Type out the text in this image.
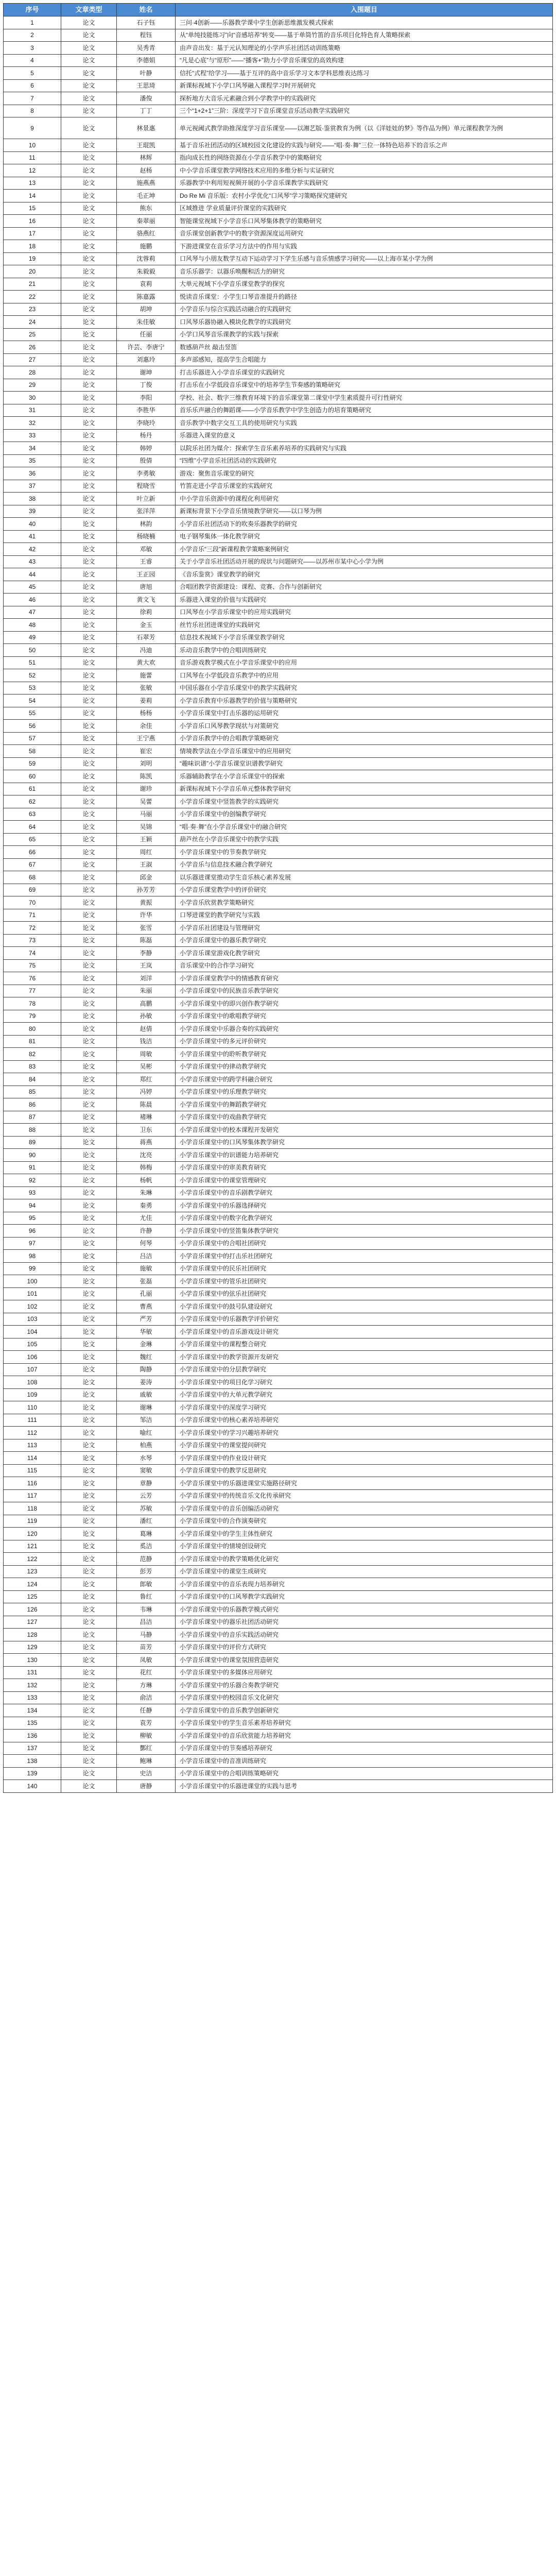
序号	文章类型	姓名	入围题目
1	论文	石子钰	三问·4创新——乐器教学课中学生创新思维激发模式探索
2	论文	程钰	从“单纯技能练习”向“音感培养”转变——基于单筒竹笛的音乐项目化特色育人策略探索
3	论文	吴秀青	由声音出发：基于元认知理论的小学声乐社团活动训练策略
4	论文	李德娟	“凡是心底”与“原形”——“播客+”助力小学音乐课堂的高效构建
5	论文	叶静	信托“式程”给学习——基于互评的高中音乐学习文本学科思维表达练习
6	论文	王思琦	新课标视域下小学口风琴融入课程学习时开展研究
7	论文	潘俊	探析地方大音乐元素融合到小学教学中的实践研究
8	论文	丁丁	三个“1+2+1”三阶：深度学习下音乐课堂音乐活动教学实践研究
9	论文	林景惠	单元视阈式教学助推深度学习音乐课堂——以湘艺版·鉴赏教育为例（以《洋娃娃的梦》等作品为例）单元课程教学为例
10	论文	王琨凯	基于音乐社团活动的区域校园文化建设的实践与研究——“唱·奏·舞”三位一体特色培养下的音乐之声
11	论文	林辉	指向成长性的网络资源在小学音乐教学中的策略研究
12	论文	赵杨	中小学音乐课堂教学网络技术应用的多维分析与实证研究
13	论文	施燕燕	乐器教学中利用短视频开展的小学音乐课教学实践研究
14	论文	毛正坤	Do Re Mi 音乐版：农村小学优化“口风琴”学习策略探究建研究
15	论文	熊东	区域推进 学业质量评价课堂的实践研究
16	论文	秦翠丽	智能课堂视域下小学音乐口风琴集体教学的策略研究
17	论文	骆燕红	音乐课堂创新教学中的数字资源深度运用研究
18	论文	施鹏	下游进课堂在音乐学习方法中的作用与实践
19	论文	沈蓉莉	口风琴与小朋友数学互动下运动学习下学生乐感与音乐情感学习研究——以上海市某小学为例
20	论文	朱毅毅	音乐乐器学：以器乐唤醒和活力的研究
21	论文	袁莉	大单元视域下小学音乐课堂教学的探究
22	论文	陈嘉露	悦读音乐课堂：小学生口琴音准提升的路径
23	论文	胡坤	小学音乐与综合实践活动融合的实践研究
24	论文	朱佳敏	口风琴乐器协融入模块化教学的实践研究
25	论文	任丽	小学口风琴音乐课教学的实践与探索
26	论文	许芸、李唐宁	数感葫芦丝 敲击竖笛
27	论文	刘惠玲	多声部感知，提高学生合唱能力
28	论文	谢坤	打击乐器进入小学音乐课堂的实践研究
29	论文	丁俊	打击乐在小学低段音乐课堂中的培养学生节奏感的策略研究
30	论文	李阳	学校、社会、数字三维教育环境下的音乐课堂第二课堂中学生素质提升可行性研究
31	论文	李胜华	首乐乐声融合的舞蹈课——小学音乐教学中学生创造力的培育策略研究
32	论文	李晓玲	音乐教学中数字交互工具的使用研究与实践
33	论文	杨丹	乐器进入课堂的意义
34	论文	韩婷	以院乐社团为媒介：探索学生音乐素养培养的实践研究与实践
35	论文	殷倩	“四维”小学音乐社团活动的实践研究
36	论文	李勇敏	游戏：聚焦音乐课堂的研究
37	论文	程晓雪	竹笛走进小学音乐课堂的实践研究
38	论文	叶立新	中小学音乐资源中的课程化利用研究
39	论文	张洋萍	新课标背景下小学音乐情境教学研究——以口琴为例
40	论文	林韵	小学音乐社团活动下的吹奏乐器教学的研究
41	论文	杨晓楠	电子钢琴集体一体化教学研究
42	论文	邓敏	小学音乐“三段”新课程教学策略案例研究
43	论文	王睿	关于小学音乐社团活动开展的现状与问题研究——以苏州市某中心小学为例
44	论文	王正园	《音乐鉴赏》课堂教学的研究
45	论文	唐旭	合唱团教学资源建设：课程、竞赛、合作与创新研究
46	论文	黄文飞	乐器进入课堂的价值与实践研究
47	论文	徐莉	口风琴在小学音乐课堂中的应用实践研究
48	论文	金玉	丝竹乐社团进课堂的实践研究
49	论文	石翠芳	信息技术视域下小学音乐课堂教学研究
50	论文	冯迪	乐动音乐教学中的合唱训练研究
51	论文	黄大欢	音乐游戏教学模式在小学音乐课堂中的应用
52	论文	施蕾	口风琴在小学低段音乐教学中的应用
53	论文	张敏	中国乐器在小学音乐课堂中的教学实践研究
54	论文	姜莉	小学音乐教育中乐器教学的价值与策略研究
55	论文	杨杨	小学音乐课堂中打击乐器的运用研究
56	论文	余佳	小学音乐口风琴教学现状与对策研究
57	论文	王宁燕	小学音乐教学中的合唱教学策略研究
58	论文	崔宏	情境教学法在小学音乐课堂中的应用研究
59	论文	刘明	“趣味识谱”小学音乐课堂识谱教学研究
60	论文	陈凯	乐器辅助教学在小学音乐课堂中的探索
61	论文	谢珍	新课标视域下小学音乐单元整体教学研究
62	论文	吴蕾	小学音乐课堂中竖笛教学的实践研究
63	论文	马丽	小学音乐课堂中的创编教学研究
64	论文	吴锦	“唱·奏·舞”在小学音乐课堂中的融合研究
65	论文	王颖	葫芦丝在小学音乐课堂中的教学实践
66	论文	周红	小学音乐课堂中的节奏教学研究
67	论文	王淑	小学音乐与信息技术融合教学研究
68	论文	邱金	以乐器进课堂推动学生音乐核心素养发展
69	论文	孙芳芳	小学音乐课堂教学中的评价研究
70	论文	黄振	小学音乐欣赏教学策略研究
71	论文	许华	口琴进课堂的教学研究与实践
72	论文	张雪	小学音乐社团建设与管理研究
73	论文	陈磊	小学音乐课堂中的器乐教学研究
74	论文	李静	小学音乐课堂游戏化教学研究
75	论文	王岚	音乐课堂中的合作学习研究
76	论文	刘洋	小学音乐课堂教学中的情感教育研究
77	论文	朱丽	小学音乐课堂中的民族音乐教学研究
78	论文	高鹏	小学音乐课堂中的即兴创作教学研究
79	论文	孙敏	小学音乐课堂中的歌唱教学研究
80	论文	赵倩	小学音乐课堂中乐器合奏的实践研究
81	论文	钱洁	小学音乐课堂中的多元评价研究
82	论文	周敏	小学音乐课堂中的聆听教学研究
83	论文	吴彬	小学音乐课堂中的律动教学研究
84	论文	郑红	小学音乐课堂中的跨学科融合研究
85	论文	冯婷	小学音乐课堂中的乐理教学研究
86	论文	陈晨	小学音乐课堂中的舞蹈教学研究
87	论文	褚琳	小学音乐课堂中的戏曲教学研究
88	论文	卫东	小学音乐课堂中的校本课程开发研究
89	论文	蒋燕	小学音乐课堂中的口风琴集体教学研究
90	论文	沈亮	小学音乐课堂中的识谱能力培养研究
91	论文	韩梅	小学音乐课堂中的审美教育研究
92	论文	杨帆	小学音乐课堂中的课堂管理研究
93	论文	朱琳	小学音乐课堂中的音乐剧教学研究
94	论文	秦勇	小学音乐课堂中的乐器选择研究
95	论文	尤佳	小学音乐课堂中的数字化教学研究
96	论文	许静	小学音乐课堂中的竖笛集体教学研究
97	论文	何琴	小学音乐课堂中的合唱社团研究
98	论文	吕洁	小学音乐课堂中的打击乐社团研究
99	论文	施敏	小学音乐课堂中的民乐社团研究
100	论文	张磊	小学音乐课堂中的管乐社团研究
101	论文	孔丽	小学音乐课堂中的弦乐社团研究
102	论文	曹燕	小学音乐课堂中的鼓号队建设研究
103	论文	严芳	小学音乐课堂中的乐器教学评价研究
104	论文	华敏	小学音乐课堂中的音乐游戏设计研究
105	论文	金琳	小学音乐课堂中的课程整合研究
106	论文	魏红	小学音乐课堂中的教学资源开发研究
107	论文	陶静	小学音乐课堂中的分层教学研究
108	论文	姜涛	小学音乐课堂中的项目化学习研究
109	论文	戚敏	小学音乐课堂中的大单元教学研究
110	论文	谢琳	小学音乐课堂中的深度学习研究
111	论文	邹洁	小学音乐课堂中的核心素养培养研究
112	论文	喻红	小学音乐课堂中的学习兴趣培养研究
113	论文	柏燕	小学音乐课堂中的课堂提问研究
114	论文	水琴	小学音乐课堂中的作业设计研究
115	论文	窦敏	小学音乐课堂中的教学反思研究
116	论文	章静	小学音乐课堂中的乐器进课堂实施路径研究
117	论文	云芳	小学音乐课堂中的传统音乐文化传承研究
118	论文	苏敏	小学音乐课堂中的音乐创编活动研究
119	论文	潘红	小学音乐课堂中的合作演奏研究
120	论文	葛琳	小学音乐课堂中的学生主体性研究
121	论文	奚洁	小学音乐课堂中的情境创设研究
122	论文	范静	小学音乐课堂中的教学策略优化研究
123	论文	彭芳	小学音乐课堂中的课堂生成研究
124	论文	郎敏	小学音乐课堂中的音乐表现力培养研究
125	论文	鲁红	小学音乐课堂中的口风琴教学实践研究
126	论文	韦琳	小学音乐课堂中的乐器教学模式研究
127	论文	昌洁	小学音乐课堂中的器乐社团活动研究
128	论文	马静	小学音乐课堂中的音乐实践活动研究
129	论文	苗芳	小学音乐课堂中的评价方式研究
130	论文	凤敏	小学音乐课堂中的课堂氛围营造研究
131	论文	花红	小学音乐课堂中的多媒体应用研究
132	论文	方琳	小学音乐课堂中的乐器合奏教学研究
133	论文	俞洁	小学音乐课堂中的校园音乐文化研究
134	论文	任静	小学音乐课堂中的音乐教学创新研究
135	论文	袁芳	小学音乐课堂中的学生音乐素养培养研究
136	论文	柳敏	小学音乐课堂中的音乐欣赏能力培养研究
137	论文	酆红	小学音乐课堂中的节奏感培养研究
138	论文	鲍琳	小学音乐课堂中的音准训练研究
139	论文	史洁	小学音乐课堂中的合唱训练策略研究
140	论文	唐静	小学音乐课堂中的乐器进课堂的实践与思考
